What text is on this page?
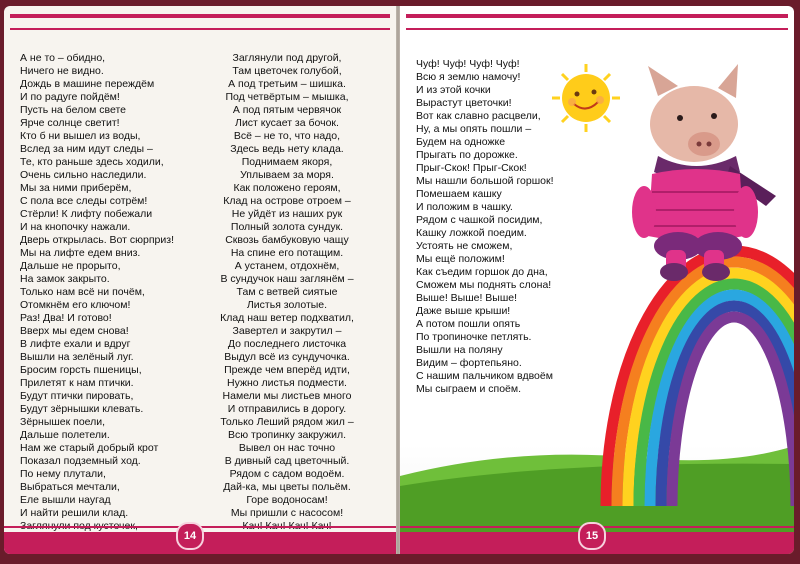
А не то – обидно,
Ничего не видно.
Дождь в машине переждём
И по радуге пойдём!
Пусть на белом свете
Ярче солнце светит!
Кто б ни вышел из воды,
Вслед за ним идут следы –
Те, кто раньше здесь ходили,
Очень сильно наследили.
Мы за ними приберём,
С пола все следы сотрём!
Стёрли! К лифту побежали
И на кнопочку нажали.
Дверь открылась. Вот сюрприз!
Мы на лифте едем вниз.
Дальше не прорыто,
На замок закрыто.
Только нам всё ни почём,
Отомкнём его ключом!
Раз! Два! И готово!
Вверх мы едем снова!
В лифте ехали и вдруг
Вышли на зелёный луг.
Бросим горсть пшеницы,
Прилетят к нам птички.
Будут птички пировать,
Будут зёрнышки клевать.
Зёрнышек поели,
Дальше полетели.
Нам же старый добрый крот
Показал подземный ход.
По нему плутали,
Выбраться мечтали,
Еле вышли наугад
И найти решили клад.
Заглянули под другой,
Там цветочек голубой,
А под третьим – шишка.
Под четвёртым – мышка,
А под пятым червячок
Лист кусает за бочок.
Всё – не то, что надо,
Здесь ведь нету клада.
Поднимаем якоря,
Уплываем за моря.
Как положено героям,
Клад на острове отроем –
Не уйдёт из наших рук
Полный золота сундук.
Сквозь бамбуковую чащу
На спине его потащим.
А устанем, отдохнём,
В сундучок наш заглянём –
Там с ветвей сиятые
Листья золотые.
Клад наш ветер подхватил,
Завертел и закрутил –
До последнего листочка
Выдул всё из сундучочка.
Прежде чем вперёд идти,
Нужно листья подмести.
Намели мы листьев много
И отправились в дорогу.
Только Леший рядом жил –
Всю тропинку закружил.
Вывел он нас точно
В дивный сад цветочный.
Рядом с садом водоём.
Дай-ка, мы цветы польём.
Горе водоносам!
Мы пришли с насосом!
14
Чуф! Чуф! Чуф! Чуф!
Всю я землю намочу!
И из этой кочки
Вырастут цветочки!
Вот как славно расцвели,
Ну, а мы опять пошли –
Будем на одножке
Прыгать по дорожке.
Прыг-Скок! Прыг-Скок!
Мы нашли большой горшок!
Помешаем кашку
И положим в чашку.
Рядом с чашкой посидим,
Кашку ложкой поедим.
Устоять не сможем,
Мы ещё положим!
Как съедим горшок до дна,
Сможем мы поднять слона!
Выше! Выше! Выше!
Даже выше крыши!
А потом пошли опять
По тропиночке петлять.
Вышли на поляну
Видим – фортепьяно.
С нашим пальчиком вдвоём
Мы сыграем и споём.
15
